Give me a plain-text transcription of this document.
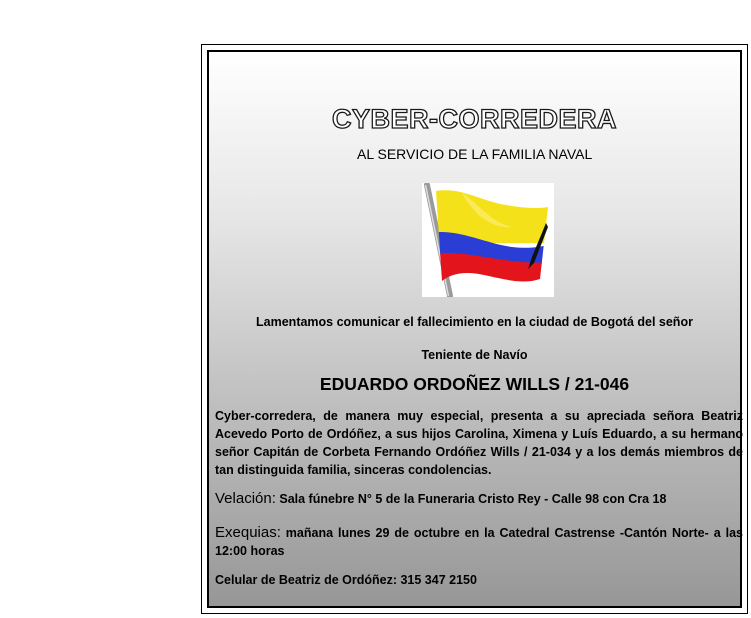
CYBER-CORREDERA
AL SERVICIO DE LA FAMILIA NAVAL
Lamentamos comunicar el fallecimiento en la ciudad de Bogotá del señor
Teniente de Navío
EDUARDO ORDOÑEZ WILLS / 21-046

Cyber-corredera, de manera muy especial, presenta a su apreciada señora Beatriz Acevedo Porto de Ordóñez, a sus hijos Carolina, Ximena y Luís Eduardo, a su hermano señor Capitán de Corbeta Fernando Ordóñez Wills / 21-034 y a los demás miembros de tan distinguida familia, sinceras condolencias.

Velación: Sala fúnebre N° 5 de la Funeraria Cristo Rey - Calle 98 con Cra 18

Exequias: mañana lunes 29 de octubre en la Catedral Castrense -Cantón Norte- a las 12:00 horas

Celular de Beatriz de Ordóñez: 315 347 2150
